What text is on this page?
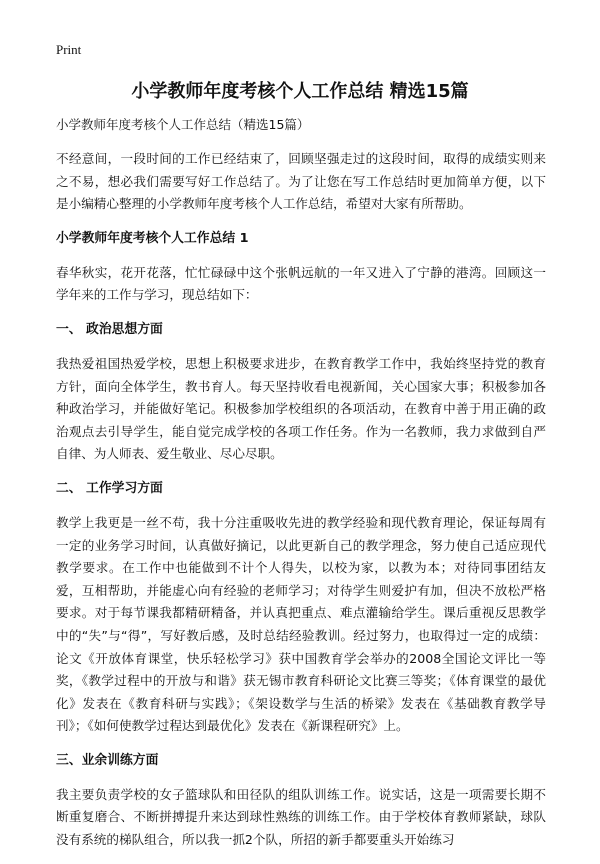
Print
小学教师年度考核个人工作总结 精选15篇
小学教师年度考核个人工作总结（精选15篇）

不经意间，一段时间的工作已经结束了，回顾坚强走过的这段时间，取得的成绩实则来之不易，想必我们需要写好工作总结了。为了让您在写工作总结时更加简单方便，以下是小编精心整理的小学教师年度考核个人工作总结，希望对大家有所帮助。

小学教师年度考核个人工作总结 1

春华秋实，花开花落，忙忙碌碌中这个张帆远航的一年又进入了宁静的港湾。回顾这一学年来的工作与学习，现总结如下：

一、 政治思想方面

我热爱祖国热爱学校，思想上积极要求进步，在教育教学工作中，我始终坚持党的教育方针，面向全体学生，教书育人。每天坚持收看电视新闻，关心国家大事；积极参加各种政治学习，并能做好笔记。积极参加学校组织的各项活动，在教育中善于用正确的政治观点去引导学生，能自觉完成学校的各项工作任务。作为一名教师，我力求做到自严自律、为人师表、爱生敬业、尽心尽职。

二、 工作学习方面

教学上我更是一丝不苟，我十分注重吸收先进的教学经验和现代教育理论，保证每周有一定的业务学习时间，认真做好摘记，以此更新自己的教学理念，努力使自己适应现代教学要求。在工作中也能做到不计个人得失，以校为家，以教为本；对待同事团结友爱，互相帮助，并能虚心向有经验的老师学习；对待学生则爱护有加，但决不放松严格要求。对于每节课我都精研精备，并认真把重点、难点灌输给学生。课后重视反思教学中的“失”与“得”，写好教后感，及时总结经验教训。经过努力，也取得过一定的成绩：论文《开放体育课堂，快乐轻松学习》获中国教育学会举办的2008全国论文评比一等奖，《教学过程中的开放与和谐》获无锡市教育科研论文比赛三等奖；《体育课堂的最优化》发表在《教育科研与实践》；《架设数学与生活的桥梁》发表在《基础教育教学导刊》；《如何使教学过程达到最优化》发表在《新课程研究》上。

三、业余训练方面

我主要负责学校的女子篮球队和田径队的组队训练工作。说实话，这是一项需要长期不断重复磨合、不断拼搏提升来达到球性熟练的训练工作。由于学校体育教师紧缺，球队没有系统的梯队组合，所以我一抓2个队，所招的新手都要重头开始练习
